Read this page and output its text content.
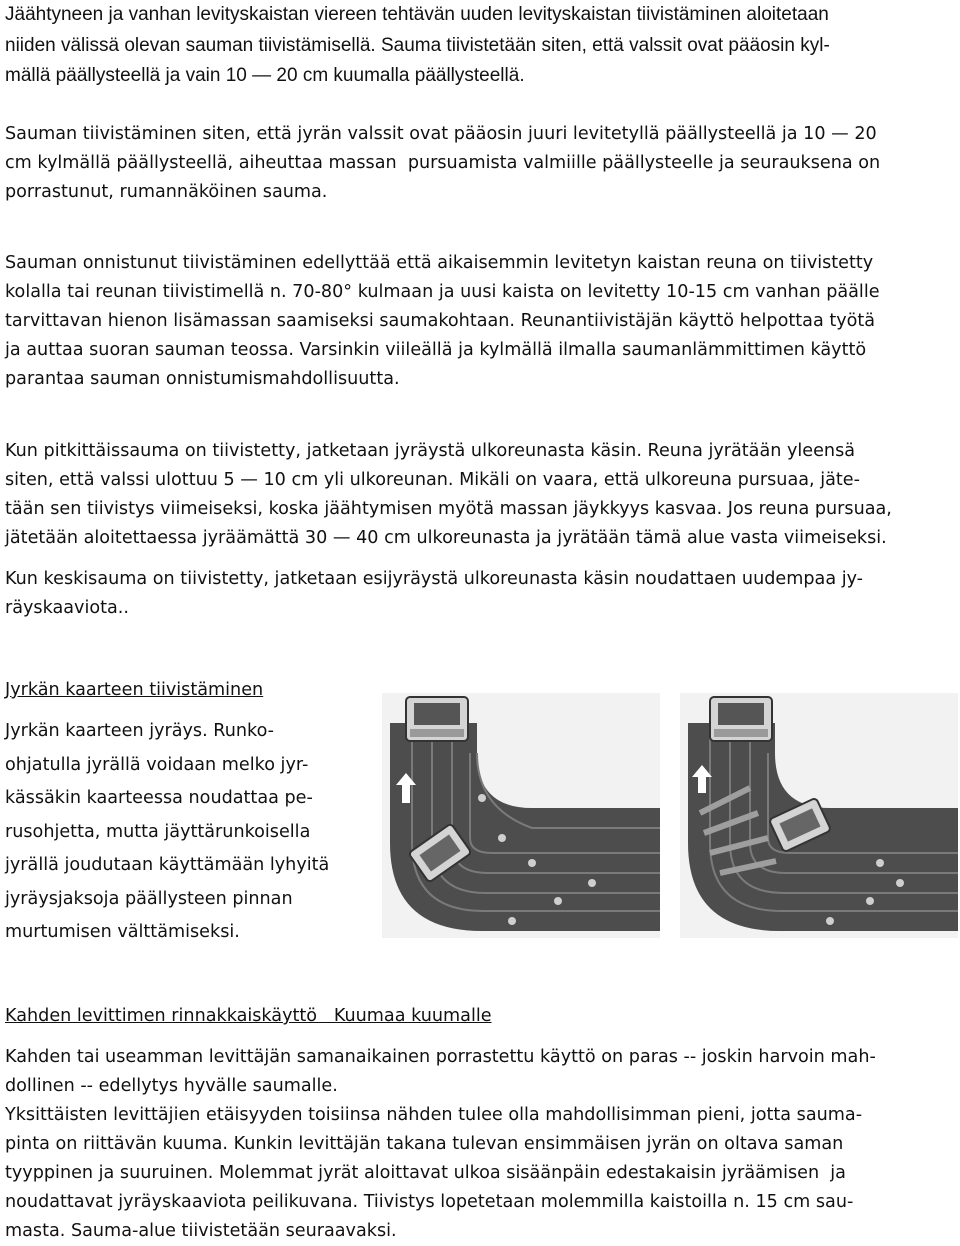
Jäähtyneen ja vanhan levityskaistan viereen tehtävän uuden levityskaistan tiivistäminen aloitetaan
niiden välissä olevan sauman tiivistämisellä. Sauma tiivistetään siten, että valssit ovat pääosin kyl-
mällä päällysteellä ja vain 10 — 20 cm kuumalla päällysteellä.
Sauman tiivistäminen siten, että jyrän valssit ovat pääosin juuri levitetyllä päällysteellä ja 10 — 20
cm kylmällä päällysteellä, aiheuttaa massan  pursuamista valmiille päällysteelle ja seurauksena on
porrastunut, rumannäköinen sauma.
Sauman onnistunut tiivistäminen edellyttää että aikaisemmin levitetyn kaistan reuna on tiivistetty
kolalla tai reunan tiivistimellä n. 70-80° kulmaan ja uusi kaista on levitetty 10-15 cm vanhan päälle
tarvittavan hienon lisämassan saamiseksi saumakohtaan. Reunantiivistäjän käyttö helpottaa työtä
ja auttaa suoran sauman teossa. Varsinkin viileällä ja kylmällä ilmalla saumanlämmittimen käyttö
parantaa sauman onnistumismahdollisuutta.
Kun pitkittäissauma on tiivistetty, jatketaan jyräystä ulkoreunasta käsin. Reuna jyrätään yleensä
siten, että valssi ulottuu 5 — 10 cm yli ulkoreunan. Mikäli on vaara, että ulkoreuna pursuaa, jäte-
tään sen tiivistys viimeiseksi, koska jäähtymisen myötä massan jäykkyys kasvaa. Jos reuna pursuaa,
jätetään aloitettaessa jyräämättä 30 — 40 cm ulkoreunasta ja jyrätään tämä alue vasta viimeiseksi.
Kun keskisauma on tiivistetty, jatketaan esijyräystä ulkoreunasta käsin noudattaen uudempaa jy-
räyskaaviota..
Jyrkän kaarteen tiivistäminen
Jyrkän kaarteen jyräys. Runko-
ohjatulla jyrällä voidaan melko jyr-
kässäkin kaarteessa noudattaa pe-
rusohjetta, mutta jäyttärunkoisella
jyrällä joudutaan käyttämään lyhyitä
jyräysjaksoja päällysteen pinnan
murtumisen välttämiseksi.
Kahden levittimen rinnakkaiskäyttö   Kuumaa kuumalle
Kahden tai useamman levittäjän samanaikainen porrastettu käyttö on paras -- joskin harvoin mah-
dollinen -- edellytys hyvälle saumalle.
Yksittäisten levittäjien etäisyyden toisiinsa nähden tulee olla mahdollisimman pieni, jotta sauma-
pinta on riittävän kuuma. Kunkin levittäjän takana tulevan ensimmäisen jyrän on oltava saman
tyyppinen ja suuruinen. Molemmat jyrät aloittavat ulkoa sisäänpäin edestakaisin jyräämisen  ja
noudattavat jyräyskaaviota peilikuvana. Tiivistys lopetetaan molemmilla kaistoilla n. 15 cm sau-
masta. Sauma-alue tiivistetään seuraavaksi.
